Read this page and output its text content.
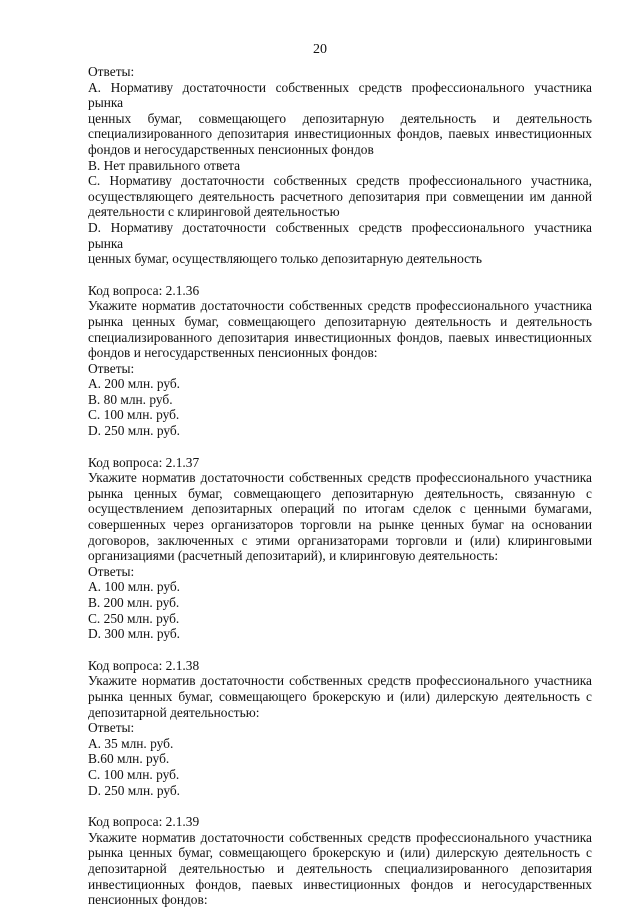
20
Ответы:
A. Нормативу достаточности собственных средств профессионального участника рынка
ценных бумаг, совмещающего депозитарную деятельность и деятельность
специализированного депозитария инвестиционных фондов, паевых инвестиционных
фондов и негосударственных пенсионных фондов
B. Нет правильного ответа
C. Нормативу достаточности собственных средств профессионального участника,
осуществляющего деятельность расчетного депозитария при совмещении им данной
деятельности с клиринговой деятельностью
D. Нормативу достаточности собственных средств профессионального участника рынка
ценных бумаг, осуществляющего только депозитарную деятельность
Код вопроса: 2.1.36
Укажите норматив достаточности собственных средств профессионального участника
рынка ценных бумаг, совмещающего депозитарную деятельность и деятельность
специализированного депозитария инвестиционных фондов, паевых инвестиционных
фондов и негосударственных пенсионных фондов:
Ответы:
A. 200 млн. руб.
B. 80 млн. руб.
C. 100 млн. руб.
D. 250 млн. руб.
Код вопроса: 2.1.37
Укажите норматив достаточности собственных средств профессионального участника
рынка ценных бумаг, совмещающего депозитарную деятельность, связанную с
осуществлением депозитарных операций по итогам сделок с ценными бумагами,
совершенных через организаторов торговли на рынке ценных бумаг на основании
договоров, заключенных с этими организаторами торговли и (или) клиринговыми
организациями (расчетный депозитарий), и клиринговую деятельность:
Ответы:
A. 100 млн. руб.
B. 200 млн. руб.
C. 250 млн. руб.
D. 300 млн. руб.
Код вопроса: 2.1.38
Укажите норматив достаточности собственных средств профессионального участника
рынка ценных бумаг, совмещающего брокерскую и (или) дилерскую деятельность с
депозитарной деятельностью:
Ответы:
A. 35 млн. руб.
B.60 млн. руб.
C. 100 млн. руб.
D. 250 млн. руб.
Код вопроса: 2.1.39
Укажите норматив достаточности собственных средств профессионального участника
рынка ценных бумаг, совмещающего брокерскую и (или) дилерскую деятельность с
депозитарной деятельностью и деятельность специализированного депозитария
инвестиционных фондов, паевых инвестиционных фондов и негосударственных
пенсионных фондов:
